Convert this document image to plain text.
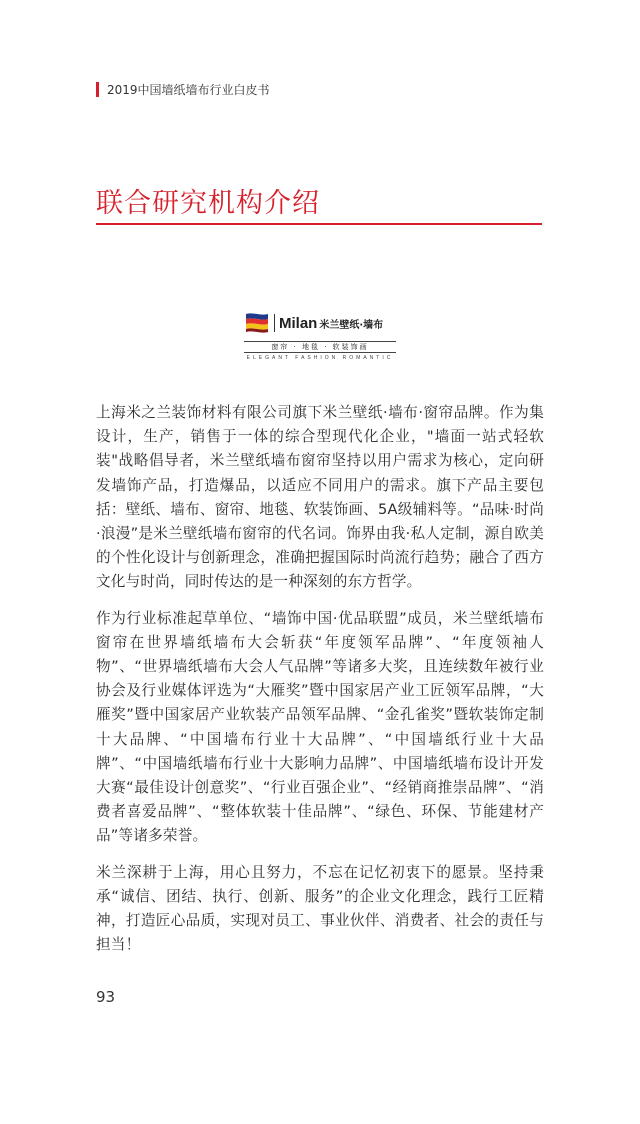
2019中国墙纸墙布行业白皮书
联合研究机构介绍
Milan 米兰壁纸·墙布
窗帘 · 地毯 · 软装饰画
ELEGANT FASHION ROMANTIC

上海米之兰装饰材料有限公司旗下米兰壁纸·墙布·窗帘品牌。作为集设计，生产，销售于一体的综合型现代化企业，"墙面一站式轻软装"战略倡导者，米兰壁纸墙布窗帘坚持以用户需求为核心，定向研发墙饰产品，打造爆品，以适应不同用户的需求。旗下产品主要包括：壁纸、墙布、窗帘、地毯、软装饰画、5A级辅料等。“品味·时尚·浪漫”是米兰壁纸墙布窗帘的代名词。饰界由我·私人定制，源自欧美的个性化设计与创新理念，准确把握国际时尚流行趋势；融合了西方文化与时尚，同时传达的是一种深刻的东方哲学。

作为行业标准起草单位、“墙饰中国·优品联盟”成员，米兰壁纸墙布窗帘在世界墙纸墙布大会斩获“年度领军品牌”、“年度领袖人物”、“世界墙纸墙布大会人气品牌”等诸多大奖，且连续数年被行业协会及行业媒体评选为“大雁奖”暨中国家居产业工匠领军品牌，“大雁奖”暨中国家居产业软装产品领军品牌、“金孔雀奖”暨软装饰定制十大品牌、“中国墙布行业十大品牌”、“中国墙纸行业十大品牌”、“中国墙纸墙布行业十大影响力品牌”、中国墙纸墙布设计开发大赛“最佳设计创意奖”、“行业百强企业”、“经销商推崇品牌”、“消费者喜爱品牌”、“整体软装十佳品牌”、“绿色、环保、节能建材产品”等诸多荣誉。

米兰深耕于上海，用心且努力，不忘在记忆初衷下的愿景。坚持秉承“诚信、团结、执行、创新、服务”的企业文化理念，践行工匠精神，打造匠心品质，实现对员工、事业伙伴、消费者、社会的责任与担当！

93
